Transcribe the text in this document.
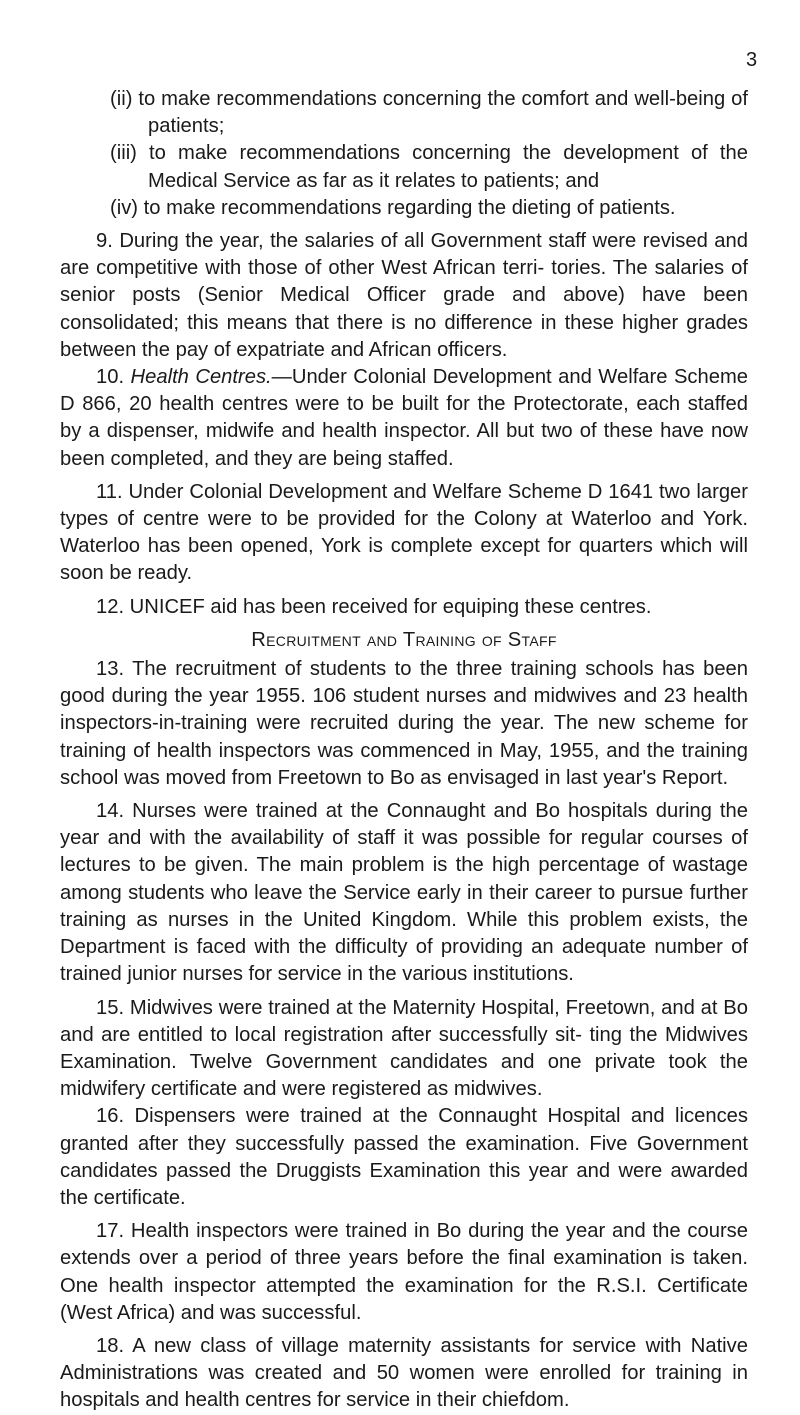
3

(ii) to make recommendations concerning the comfort and well-being of patients;

(iii) to make recommendations concerning the development of the Medical Service as far as it relates to patients; and

(iv) to make recommendations regarding the dieting of patients.

9. During the year, the salaries of all Government staff were revised and are competitive with those of other West African terri- tories. The salaries of senior posts (Senior Medical Officer grade and above) have been consolidated; this means that there is no difference in these higher grades between the pay of expatriate and African officers.

10. Health Centres.—Under Colonial Development and Welfare Scheme D 866, 20 health centres were to be built for the Protectorate, each staffed by a dispenser, midwife and health inspector. All but two of these have now been completed, and they are being staffed.

11. Under Colonial Development and Welfare Scheme D 1641 two larger types of centre were to be provided for the Colony at Waterloo and York. Waterloo has been opened, York is complete except for quarters which will soon be ready.

12. UNICEF aid has been received for equiping these centres.

Recruitment and Training of Staff

13. The recruitment of students to the three training schools has been good during the year 1955. 106 student nurses and midwives and 23 health inspectors-in-training were recruited during the year. The new scheme for training of health inspectors was commenced in May, 1955, and the training school was moved from Freetown to Bo as envisaged in last year's Report.

14. Nurses were trained at the Connaught and Bo hospitals during the year and with the availability of staff it was possible for regular courses of lectures to be given. The main problem is the high percentage of wastage among students who leave the Service early in their career to pursue further training as nurses in the United Kingdom. While this problem exists, the Department is faced with the difficulty of providing an adequate number of trained junior nurses for service in the various institutions.

15. Midwives were trained at the Maternity Hospital, Freetown, and at Bo and are entitled to local registration after successfully sit- ting the Midwives Examination. Twelve Government candidates and one private took the midwifery certificate and were registered as midwives.

16. Dispensers were trained at the Connaught Hospital and licences granted after they successfully passed the examination. Five Government candidates passed the Druggists Examination this year and were awarded the certificate.

17. Health inspectors were trained in Bo during the year and the course extends over a period of three years before the final examination is taken. One health inspector attempted the examination for the R.S.I. Certificate (West Africa) and was successful.

18. A new class of village maternity assistants for service with Native Administrations was created and 50 women were enrolled for training in hospitals and health centres for service in their chiefdom.
